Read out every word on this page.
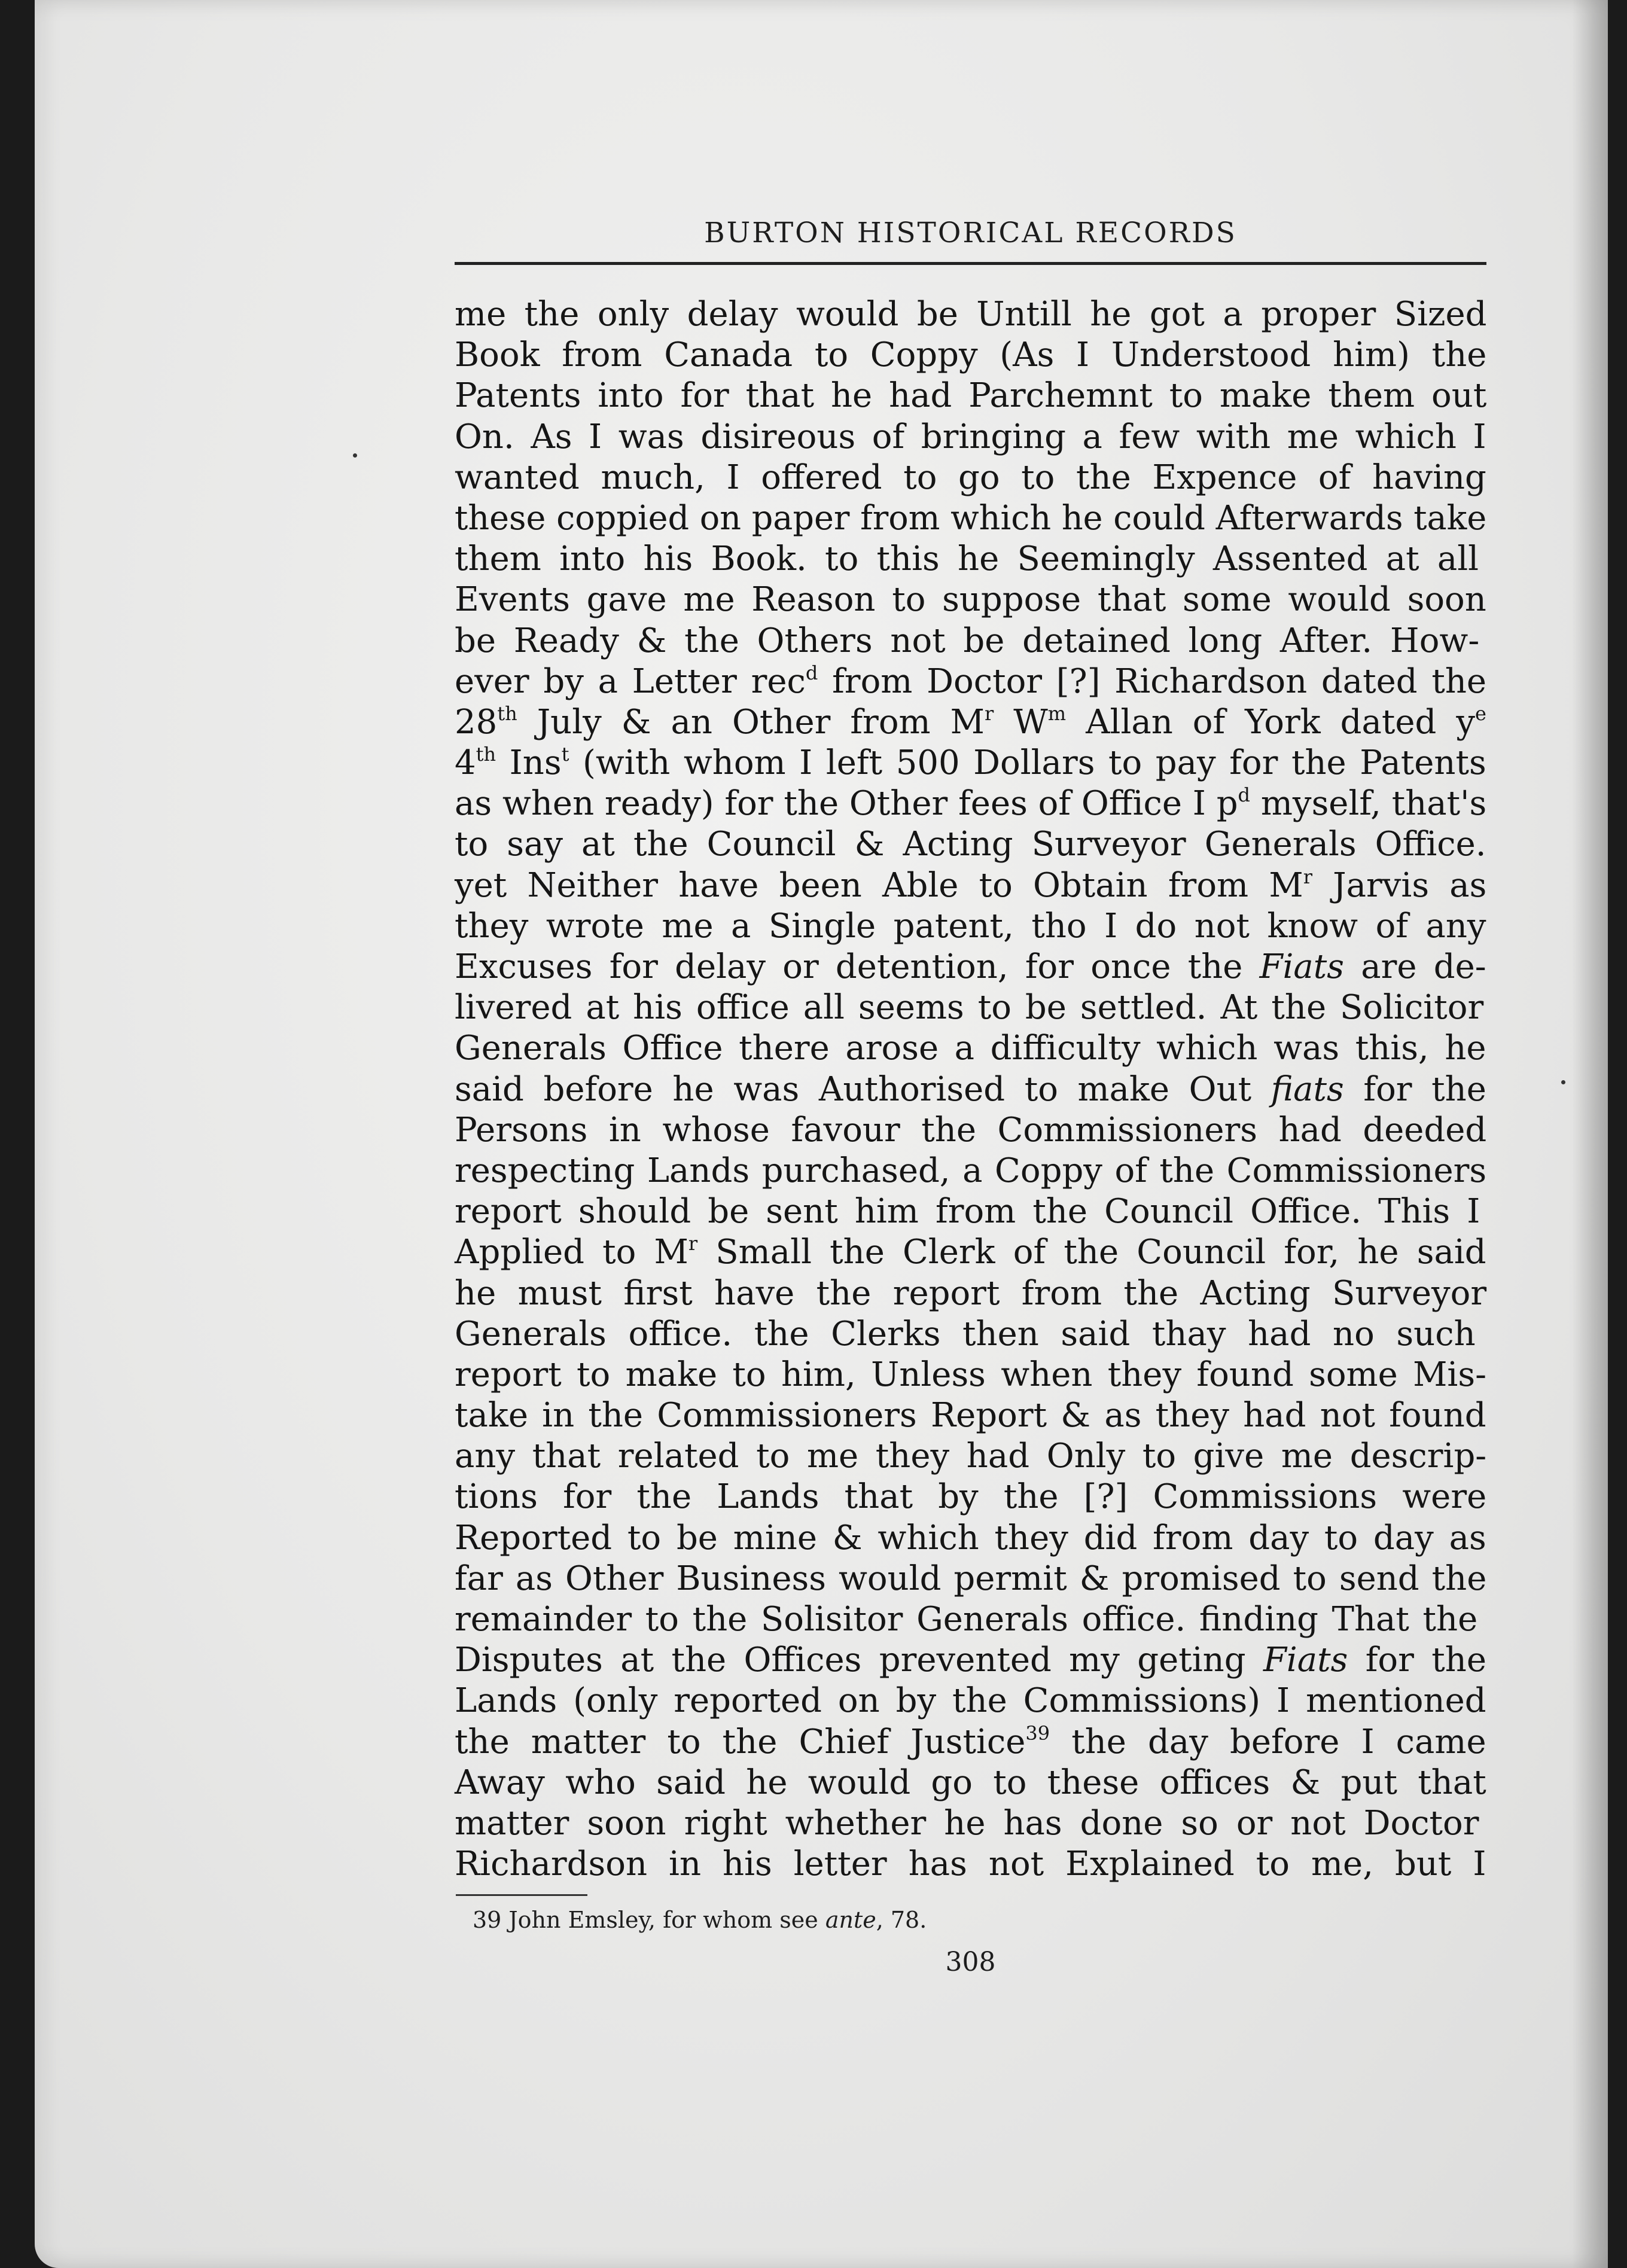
BURTON HISTORICAL RECORDS
me the only delay would be Untill he got a proper Sized
Book from Canada to Coppy (As I Understood him) the
Patents into for that he had Parchemnt to make them out
On. As I was disireous of bringing a few with me which I
wanted much, I offered to go to the Expence of having
these coppied on paper from which he could Afterwards take
them into his Book. to this he Seemingly Assented at all
Events gave me Reason to suppose that some would soon
be Ready & the Others not be detained long After. How-
ever by a Letter rec$^d$ from Doctor [?] Richardson dated the
28th July & an Other from $M^r$ $W^m$ Allan of York dated $y^e$
4th Ins$^t$ (with whom I left 500 Dollars to pay for the Patents
as when ready) for the Other fees of Office I $p^d$ myself, that's
to say at the Council & Acting Surveyor Generals Office.
yet Neither have been Able to Obtain from $M^r$ Jarvis as
they wrote me a Single patent, tho I do not know of any
Excuses for delay or detention, for once the Fiats are de-
livered at his office all seems to be settled. At the Solicitor
Generals Office there arose a difficulty which was this, he
said before he was Authorised to make Out fiats for the
Persons in whose favour the Commissioners had deeded
respecting Lands purchased, a Coppy of the Commissioners
report should be sent him from the Council Office. This I
Applied to $M^r$ Small the Clerk of the Council for, he said
he must first have the report from the Acting Surveyor
Generals office. the Clerks then said thay had no such
report to make to him, Unless when they found some Mis-
take in the Commissioners Report & as they had not found
any that related to me they had Only to give me descrip-
tions for the Lands that by the [?] Commissions were
Reported to be mine & which they did from day to day as
far as Other Business would permit & promised to send the
remainder to the Solisitor Generals office. finding That the
Disputes at the Offices prevented my geting Fiats for the
Lands (only reported on by the Commissions) I mentioned
the matter to the Chief Justice$^{39}$ the day before I came
Away who said he would go to these offices & put that
matter soon right whether he has done so or not Doctor
Richardson in his letter has not Explained to me, but I
39 John Emsley, for whom see ante, 78.
308
